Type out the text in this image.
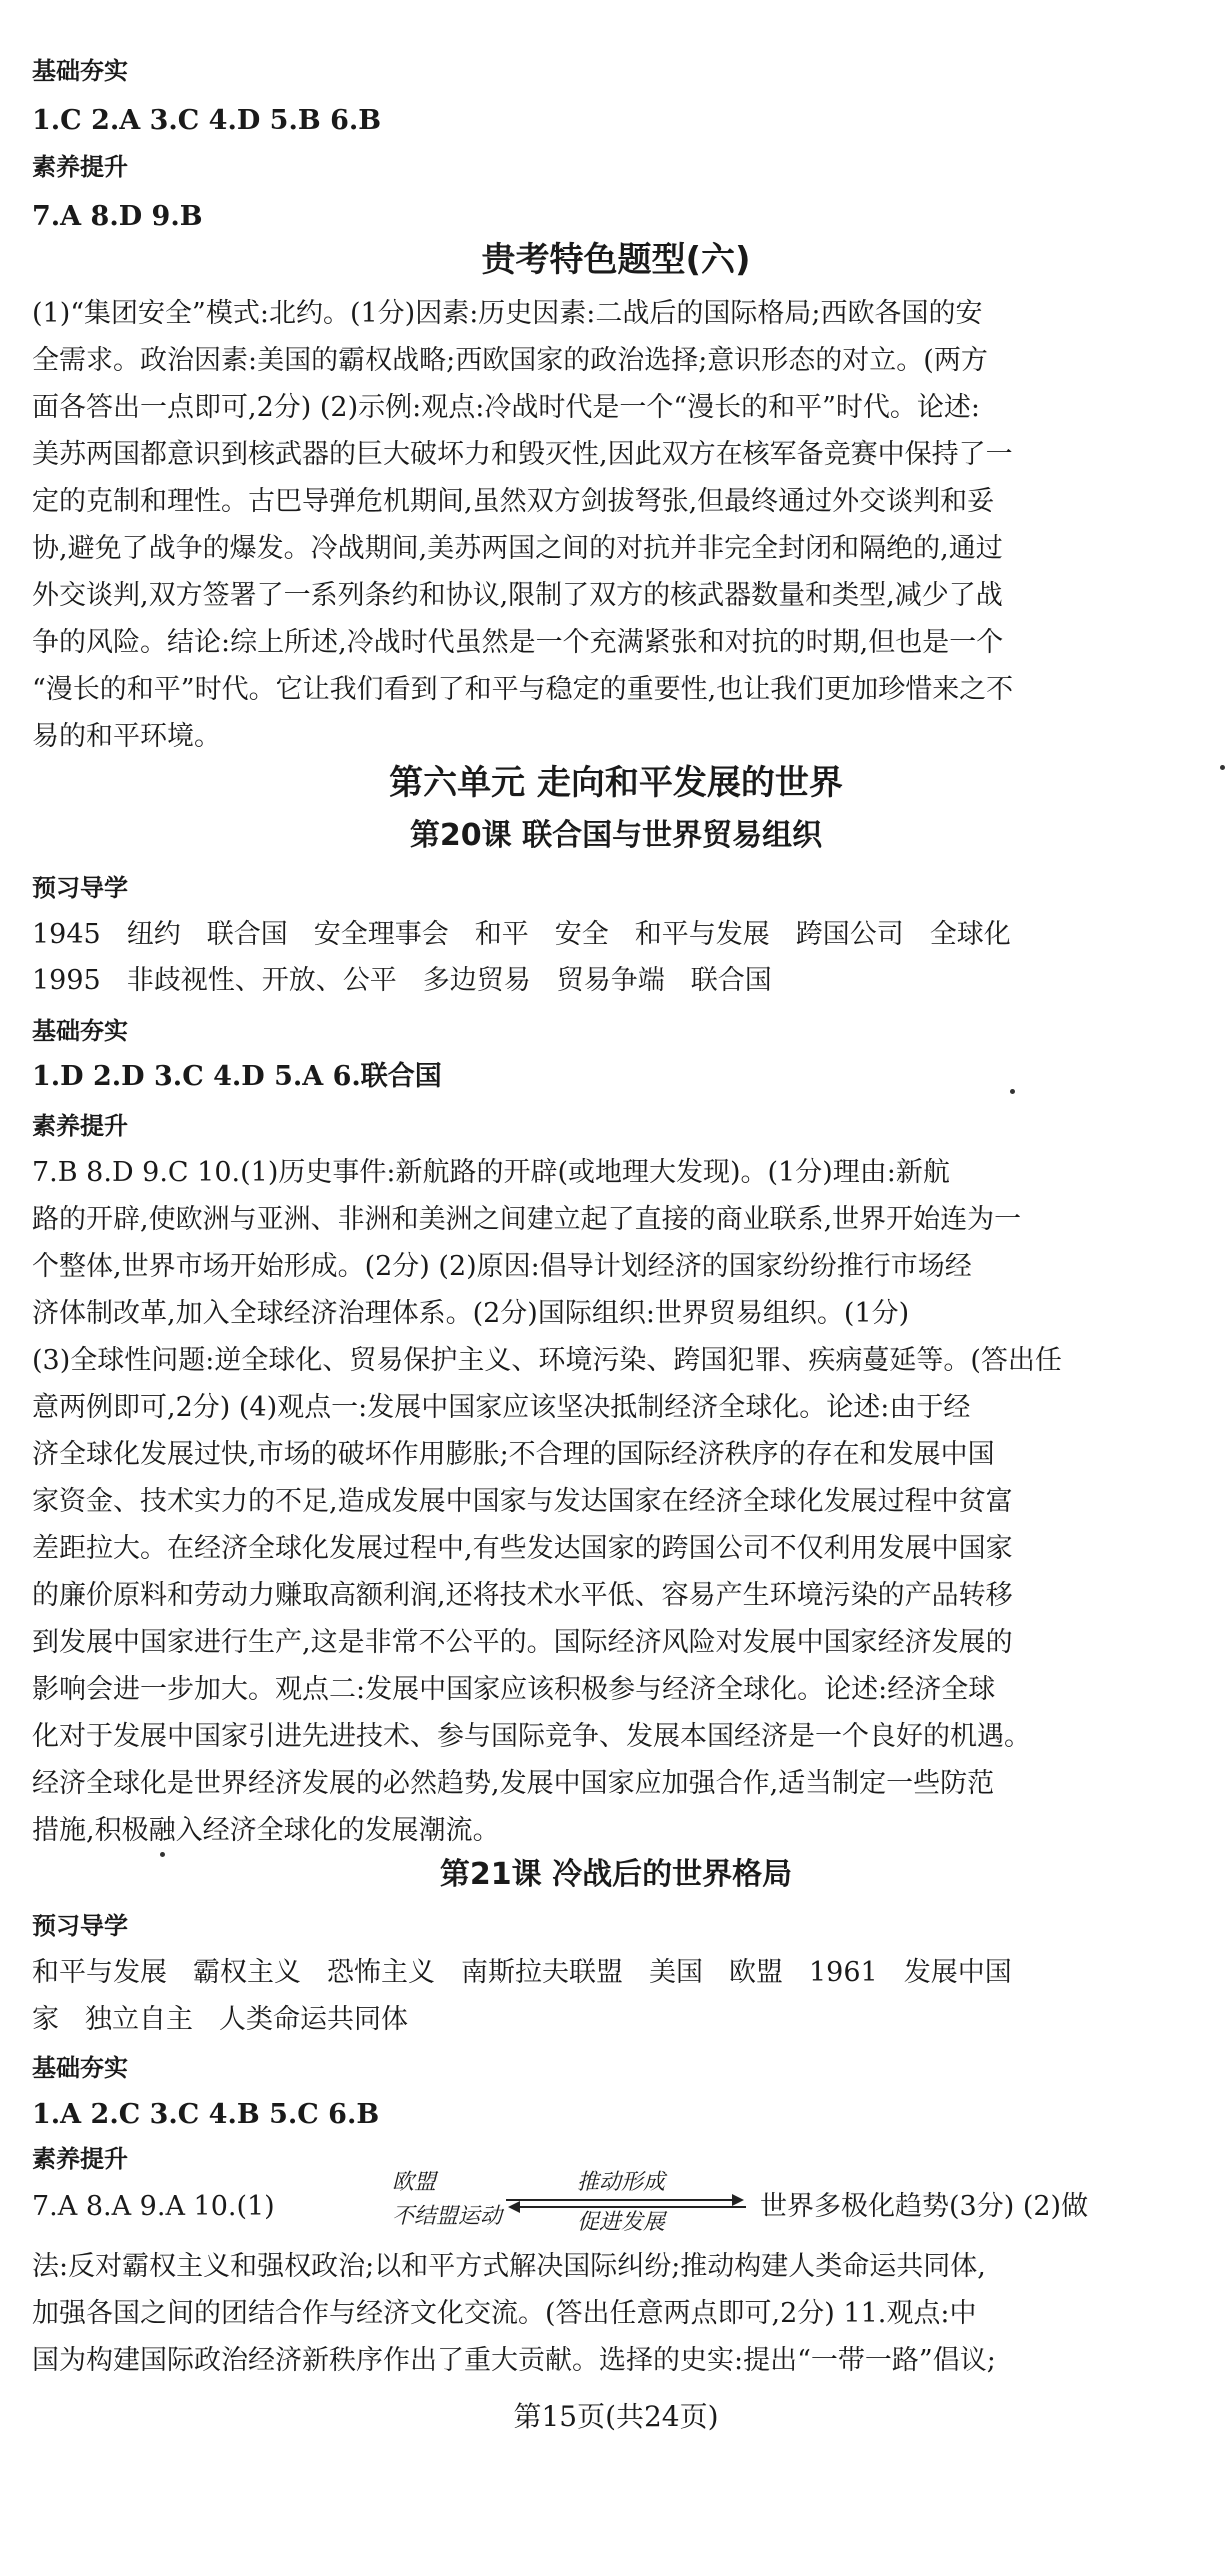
基础夯实
1.C 2.A 3.C 4.D 5.B 6.B
素养提升
7.A 8.D 9.B
贵考特色题型(六)
(1)“集团安全”模式:北约。(1分)因素:历史因素:二战后的国际格局;西欧各国的安
全需求。政治因素:美国的霸权战略;西欧国家的政治选择;意识形态的对立。(两方
面各答出一点即可,2分) (2)示例:观点:冷战时代是一个“漫长的和平”时代。论述:
美苏两国都意识到核武器的巨大破坏力和毁灭性,因此双方在核军备竞赛中保持了一
定的克制和理性。古巴导弹危机期间,虽然双方剑拔弩张,但最终通过外交谈判和妥
协,避免了战争的爆发。冷战期间,美苏两国之间的对抗并非完全封闭和隔绝的,通过
外交谈判,双方签署了一系列条约和协议,限制了双方的核武器数量和类型,减少了战
争的风险。结论:综上所述,冷战时代虽然是一个充满紧张和对抗的时期,但也是一个
“漫长的和平”时代。它让我们看到了和平与稳定的重要性,也让我们更加珍惜来之不
易的和平环境。
第六单元 走向和平发展的世界
第20课 联合国与世界贸易组织
预习导学
1945 纽约 联合国 安全理事会 和平 安全 和平与发展 跨国公司 全球化
1995 非歧视性、开放、公平 多边贸易 贸易争端 联合国
基础夯实
1.D 2.D 3.C 4.D 5.A 6.联合国
素养提升
7.B 8.D 9.C 10.(1)历史事件:新航路的开辟(或地理大发现)。(1分)理由:新航
路的开辟,使欧洲与亚洲、非洲和美洲之间建立起了直接的商业联系,世界开始连为一
个整体,世界市场开始形成。(2分) (2)原因:倡导计划经济的国家纷纷推行市场经
济体制改革,加入全球经济治理体系。(2分)国际组织:世界贸易组织。(1分)
(3)全球性问题:逆全球化、贸易保护主义、环境污染、跨国犯罪、疾病蔓延等。(答出任
意两例即可,2分) (4)观点一:发展中国家应该坚决抵制经济全球化。论述:由于经
济全球化发展过快,市场的破坏作用膨胀;不合理的国际经济秩序的存在和发展中国
家资金、技术实力的不足,造成发展中国家与发达国家在经济全球化发展过程中贫富
差距拉大。在经济全球化发展过程中,有些发达国家的跨国公司不仅利用发展中国家
的廉价原料和劳动力赚取高额利润,还将技术水平低、容易产生环境污染的产品转移
到发展中国家进行生产,这是非常不公平的。国际经济风险对发展中国家经济发展的
影响会进一步加大。观点二:发展中国家应该积极参与经济全球化。论述:经济全球
化对于发展中国家引进先进技术、参与国际竞争、发展本国经济是一个良好的机遇。
经济全球化是世界经济发展的必然趋势,发展中国家应加强合作,适当制定一些防范
措施,积极融入经济全球化的发展潮流。
第21课 冷战后的世界格局
预习导学
和平与发展 霸权主义 恐怖主义 南斯拉夫联盟 美国 欧盟 1961 发展中国
家 独立自主 人类命运共同体
基础夯实
1.A 2.C 3.C 4.B 5.C 6.B
素养提升
7.A 8.A 9.A 10.(1)
欧盟
不结盟运动
推动形成
促进发展
世界多极化趋势(3分) (2)做
法:反对霸权主义和强权政治;以和平方式解决国际纠纷;推动构建人类命运共同体,
加强各国之间的团结合作与经济文化交流。(答出任意两点即可,2分) 11.观点:中
国为构建国际政治经济新秩序作出了重大贡献。选择的史实:提出“一带一路”倡议;
第15页(共24页)
